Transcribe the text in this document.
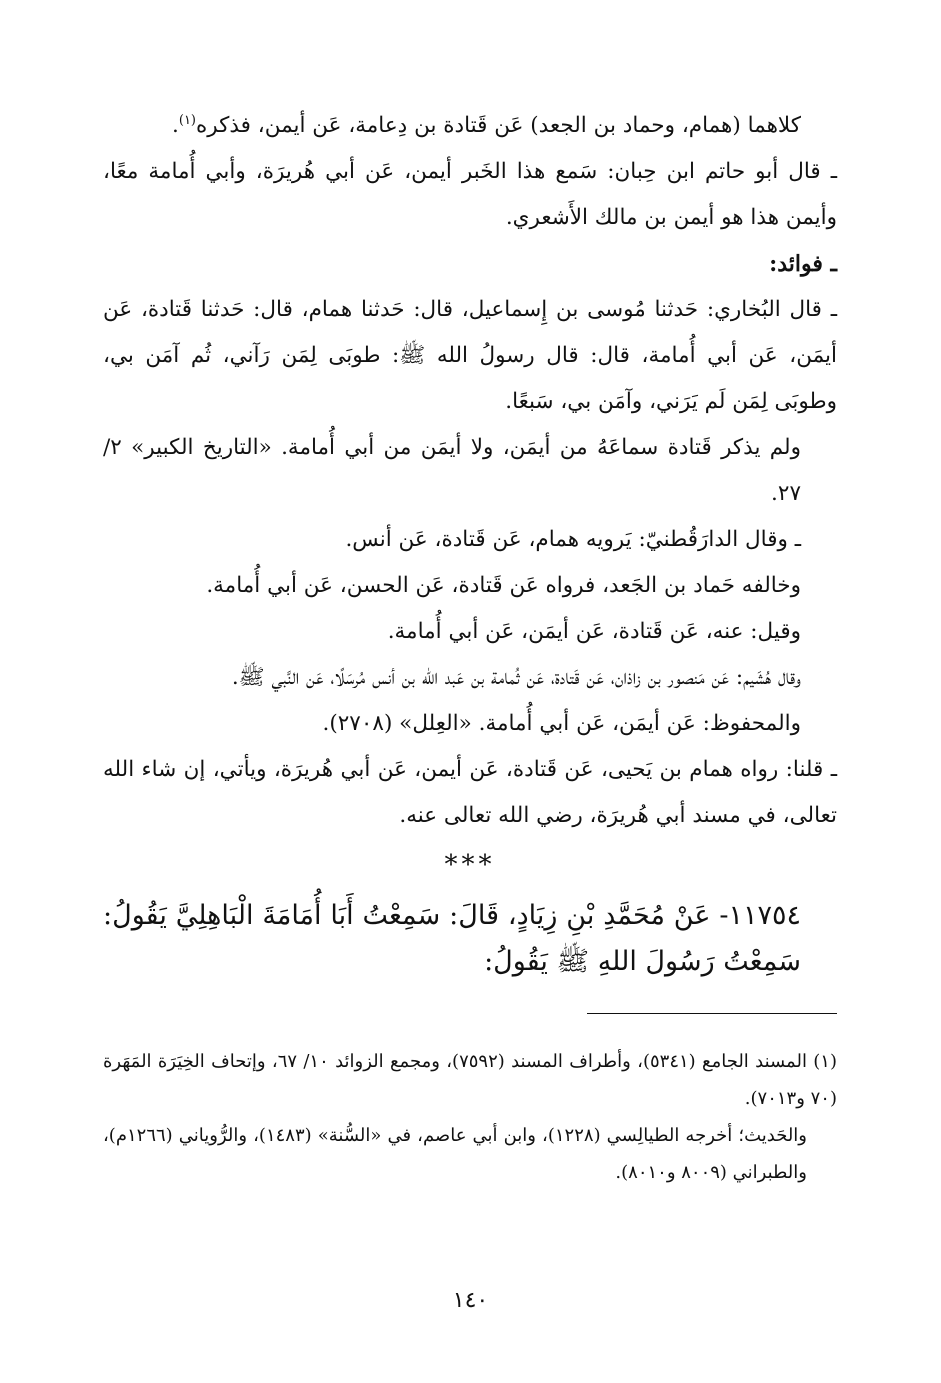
كلاهما (همام، وحماد بن الجعد) عَن قَتادة بن دِعامة، عَن أيمن، فذكره$^{(١)}$.

ـ قال أبو حاتم ابن حِبان: سَمع هذا الخَبر أيمن، عَن أبي هُريرَة، وأبي أُمامة معًا، وأيمن هذا هو أيمن بن مالك الأَشعري.

ـ فوائد:

ـ قال البُخاري: حَدثنا مُوسى بن إِسماعيل، قال: حَدثنا همام، قال: حَدثنا قَتادة، عَن أيمَن، عَن أبي أُمامة، قال: قال رسولُ الله ﷺ: طوبَى لِمَن رَآني، ثُم آمَن بي، وطوبَى لِمَن لَم يَرَني، وآمَن بي، سَبعًا.

ولم يذكر قَتادة سماعَهُ من أيمَن، ولا أيمَن من أبي أُمامة. «التاريخ الكبير» ٢/ ٢٧.

ـ وقال الدارَقُطنيّ: يَرويه همام، عَن قَتادة، عَن أنس.

وخالفه حَماد بن الجَعد، فرواه عَن قَتادة، عَن الحسن، عَن أبي أُمامة.

وقيل: عنه، عَن قَتادة، عَن أيمَن، عَن أبي أُمامة.

وقال هُشَيم: عَن مَنصور بن زاذان، عَن قَتادة، عَن ثُمامة بن عَبد الله بن أنس مُرسَلًا، عَن النَّبي ﷺ.

والمحفوظ: عَن أيمَن، عَن أبي أُمامة. «العِلل» (٢٧٠٨).

ـ قلنا: رواه همام بن يَحيى، عَن قَتادة، عَن أيمن، عَن أبي هُريرَة، ويأتي، إن شاء الله تعالى، في مسند أبي هُريرَة، رضي الله تعالى عنه.

***

١١٧٥٤- عَنْ مُحَمَّدِ بْنِ زِيَادٍ، قَالَ: سَمِعْتُ أَبَا أُمَامَةَ الْبَاهِلِيَّ يَقُولُ: سَمِعْتُ رَسُولَ اللهِ ﷺ يَقُولُ:

(١) المسند الجامع (٥٣٤١)، وأطراف المسند (٧٥٩٢)، ومجمع الزوائد ١٠/ ٦٧، وإتحاف الخِيَرَة المَهَرة (٧٠ و٧٠١٣).

والحَديث؛ أخرجه الطيالِسي (١٢٢٨)، وابن أبي عاصم، في «السُّنة» (١٤٨٣)، والرُّوياني (١٢٦٦م)، والطبراني (٨٠٠٩ و٨٠١٠).

١٤٠
